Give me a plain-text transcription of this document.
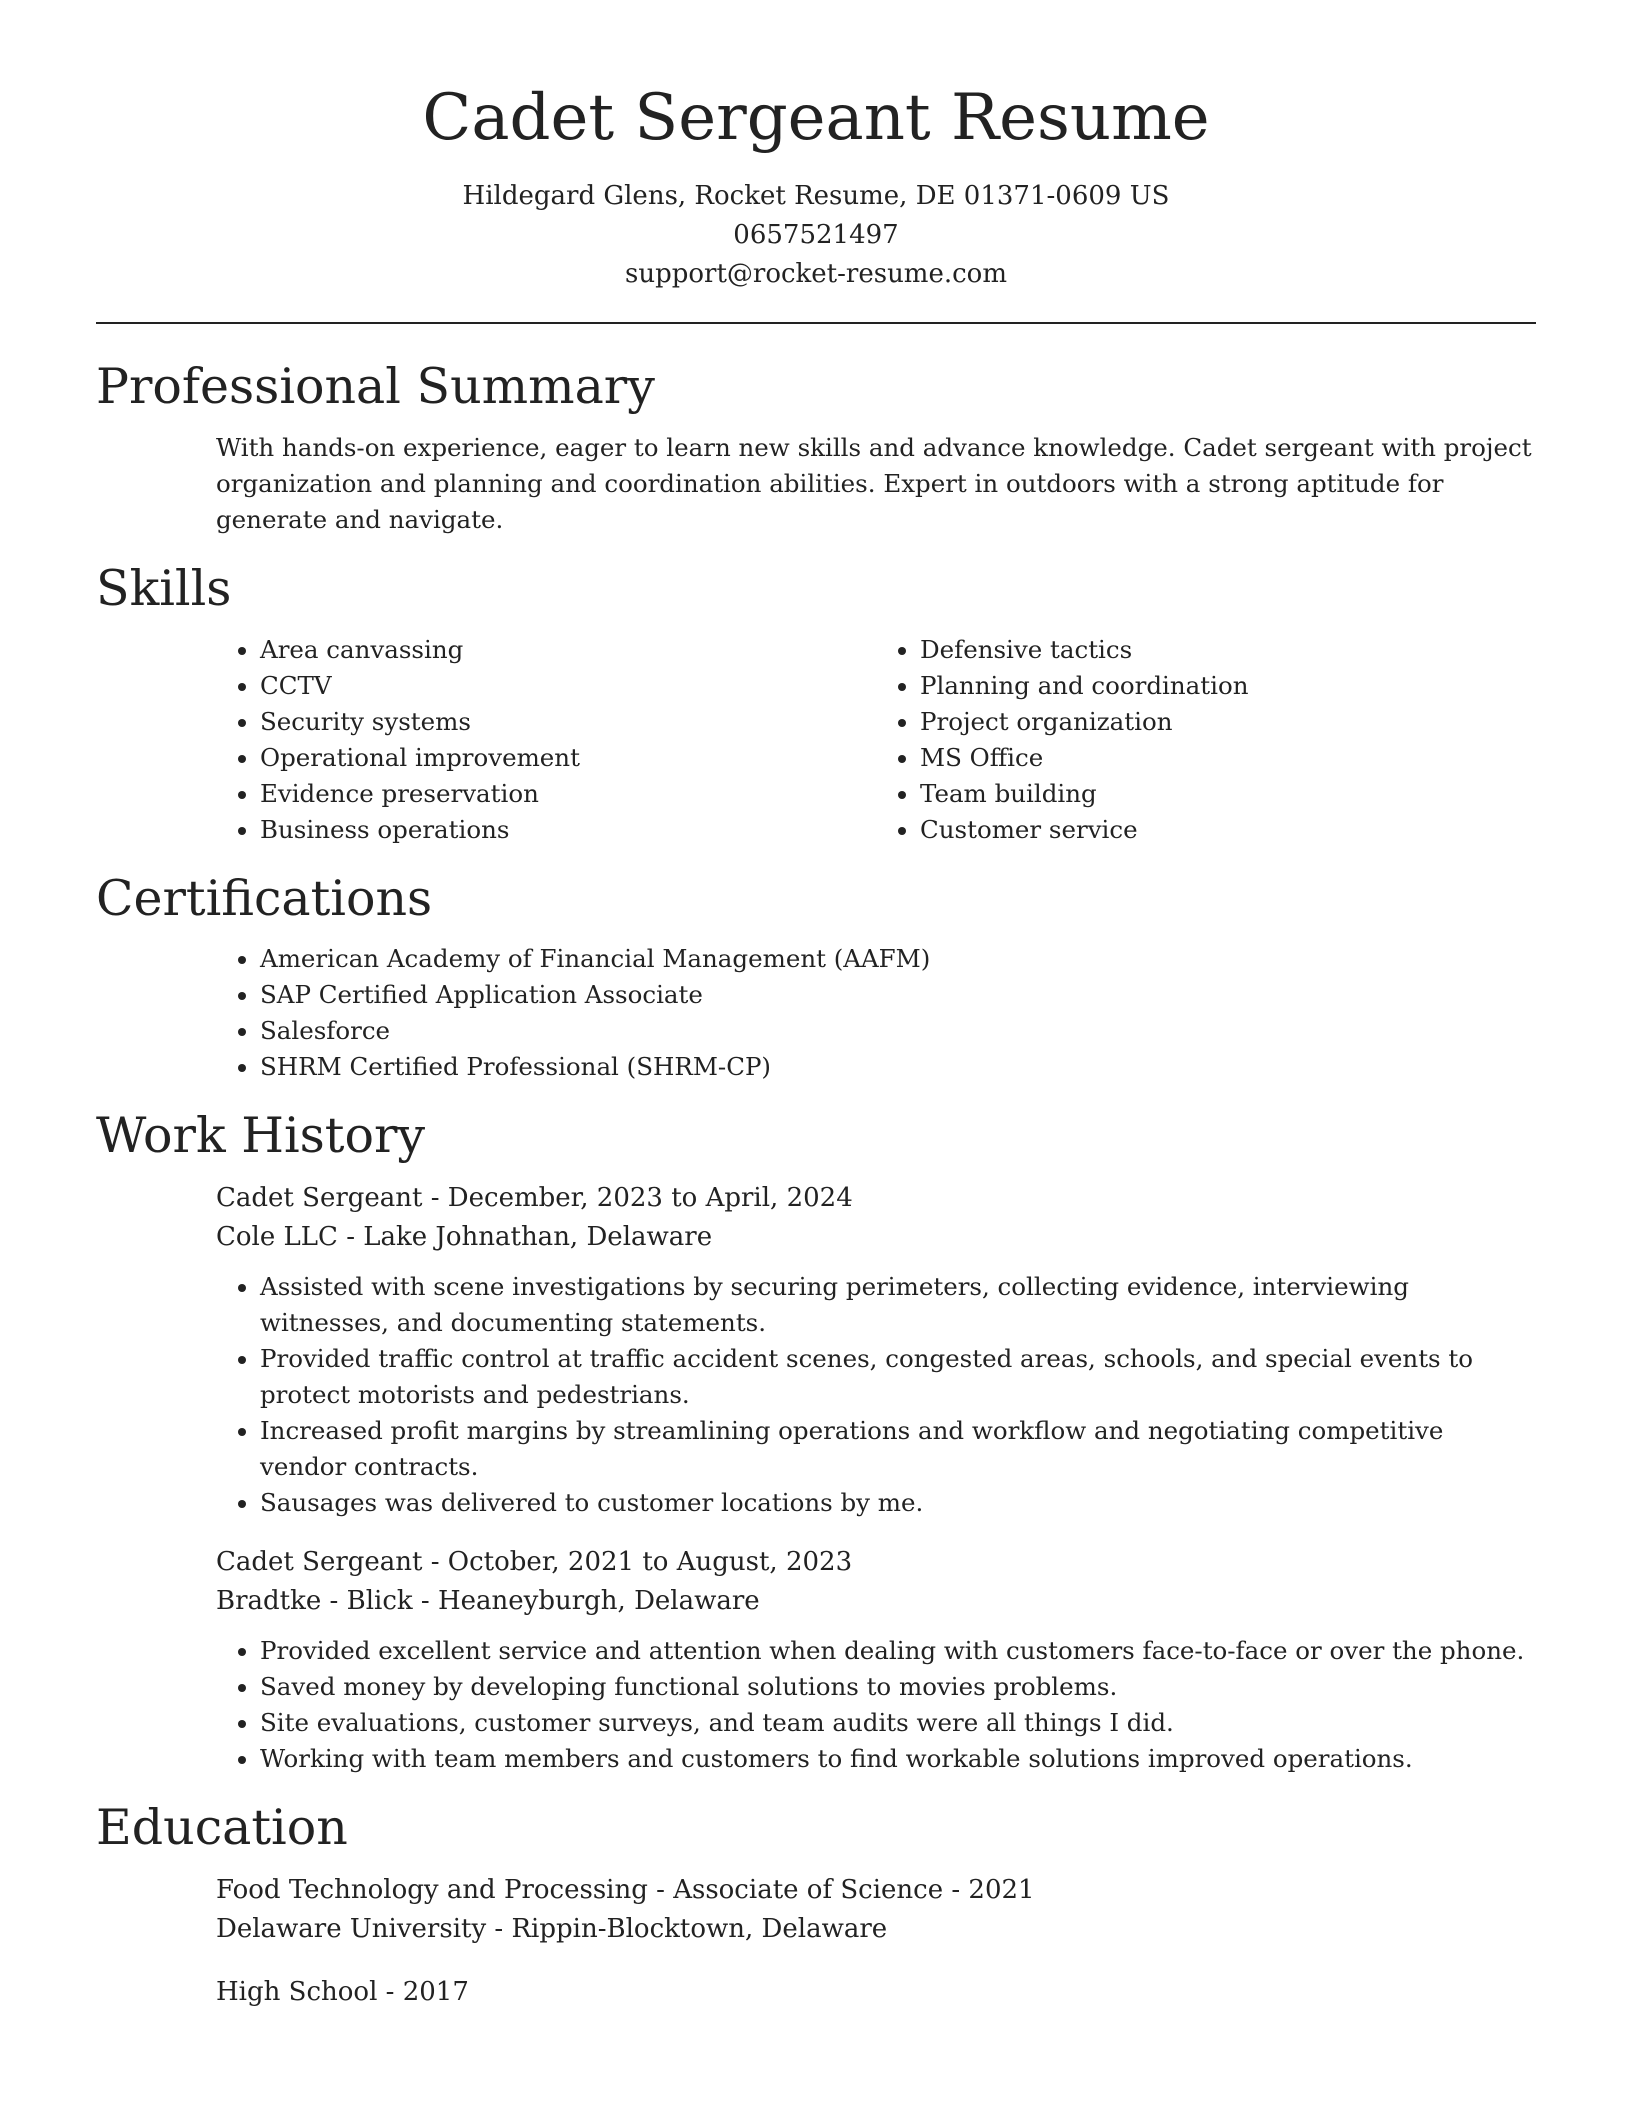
Cadet Sergeant Resume
Hildegard Glens, Rocket Resume, DE 01371-0609 US
0657521497
support@rocket-resume.com
Professional Summary

With hands-on experience, eager to learn new skills and advance knowledge. Cadet sergeant with project organization and planning and coordination abilities. Expert in outdoors with a strong aptitude for generate and navigate.

Skills
• Area canvassing
• CCTV
• Security systems
• Operational improvement
• Evidence preservation
• Business operations
• Defensive tactics
• Planning and coordination
• Project organization
• MS Office
• Team building
• Customer service
Certifications
• American Academy of Financial Management (AAFM)
• SAP Certified Application Associate
• Salesforce
• SHRM Certified Professional (SHRM-CP)
Work History
Cadet Sergeant - December, 2023 to April, 2024
Cole LLC - Lake Johnathan, Delaware
• Assisted with scene investigations by securing perimeters, collecting evidence, interviewing witnesses, and documenting statements.
• Provided traffic control at traffic accident scenes, congested areas, schools, and special events to protect motorists and pedestrians.
• Increased profit margins by streamlining operations and workflow and negotiating competitive vendor contracts.
• Sausages was delivered to customer locations by me.
Cadet Sergeant - October, 2021 to August, 2023
Bradtke - Blick - Heaneyburgh, Delaware
• Provided excellent service and attention when dealing with customers face-to-face or over the phone.
• Saved money by developing functional solutions to movies problems.
• Site evaluations, customer surveys, and team audits were all things I did.
• Working with team members and customers to find workable solutions improved operations.
Education
Food Technology and Processing - Associate of Science - 2021
Delaware University - Rippin-Blocktown, Delaware
High School - 2017
